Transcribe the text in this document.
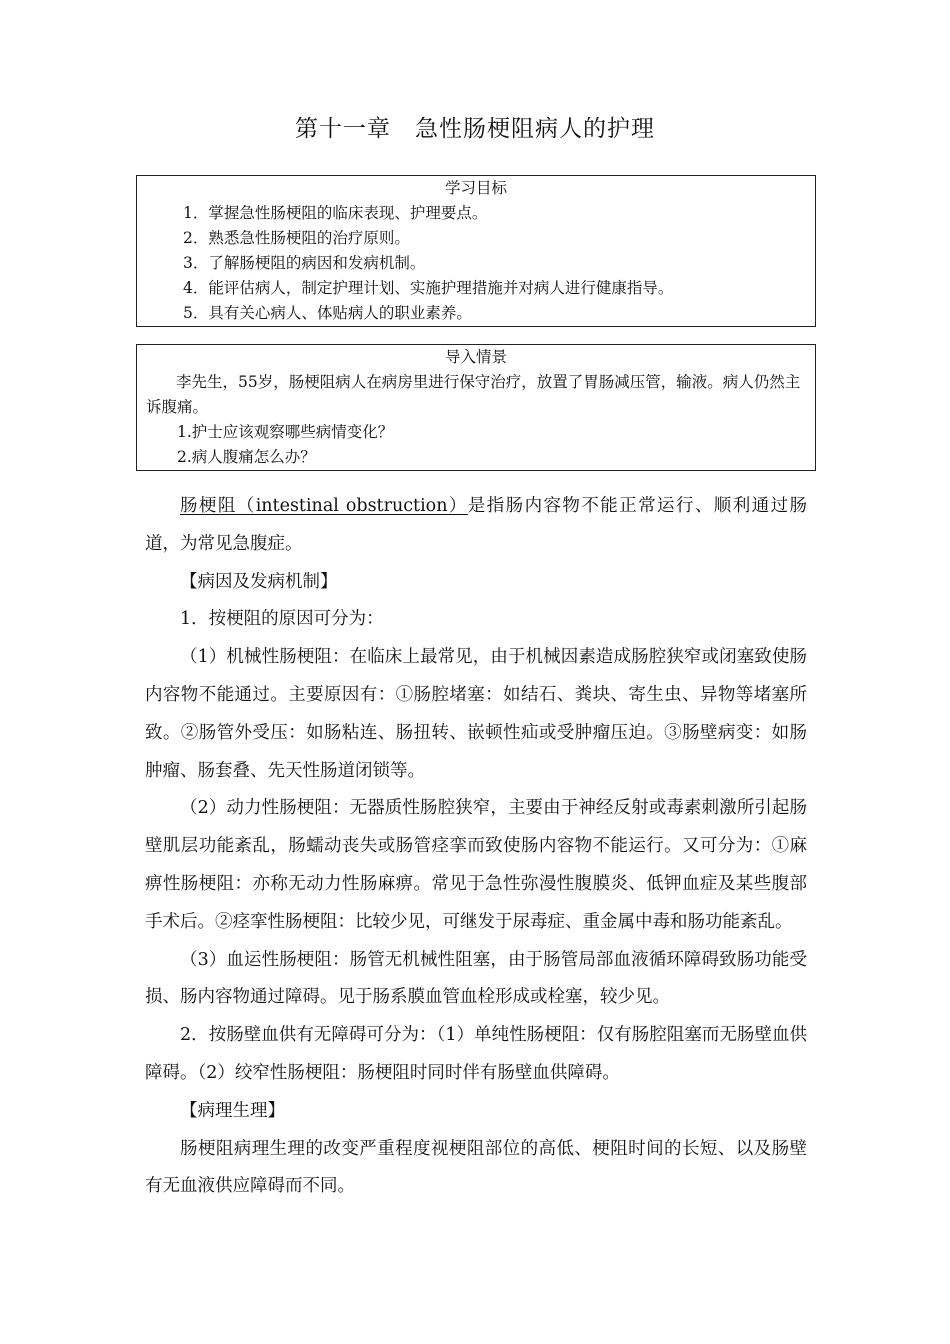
第十一章　急性肠梗阻病人的护理
学习目标
1．掌握急性肠梗阻的临床表现、护理要点。
2．熟悉急性肠梗阻的治疗原则。
3．了解肠梗阻的病因和发病机制。
4．能评估病人，制定护理计划、实施护理措施并对病人进行健康指导。
5．具有关心病人、体贴病人的职业素养。
导入情景
李先生，55岁，肠梗阻病人在病房里进行保守治疗，放置了胃肠减压管，输液。病人仍然主诉腹痛。
1.护士应该观察哪些病情变化？
2.病人腹痛怎么办？

肠梗阻（intestinal obstruction）是指肠内容物不能正常运行、顺利通过肠道，为常见急腹症。

【病因及发病机制】

1．按梗阻的原因可分为：

（1）机械性肠梗阻：在临床上最常见，由于机械因素造成肠腔狭窄或闭塞致使肠内容物不能通过。主要原因有：①肠腔堵塞：如结石、粪块、寄生虫、异物等堵塞所致。②肠管外受压：如肠粘连、肠扭转、嵌顿性疝或受肿瘤压迫。③肠壁病变：如肠肿瘤、肠套叠、先天性肠道闭锁等。

（2）动力性肠梗阻：无器质性肠腔狭窄，主要由于神经反射或毒素刺激所引起肠壁肌层功能紊乱，肠蠕动丧失或肠管痉挛而致使肠内容物不能运行。又可分为：①麻痹性肠梗阻：亦称无动力性肠麻痹。常见于急性弥漫性腹膜炎、低钾血症及某些腹部手术后。②痉挛性肠梗阻：比较少见，可继发于尿毒症、重金属中毒和肠功能紊乱。

（3）血运性肠梗阻：肠管无机械性阻塞，由于肠管局部血液循环障碍致肠功能受损、肠内容物通过障碍。见于肠系膜血管血栓形成或栓塞，较少见。

2．按肠壁血供有无障碍可分为：（1）单纯性肠梗阻：仅有肠腔阻塞而无肠壁血供障碍。（2）绞窄性肠梗阻：肠梗阻时同时伴有肠壁血供障碍。

【病理生理】

肠梗阻病理生理的改变严重程度视梗阻部位的高低、梗阻时间的长短、以及肠壁有无血液供应障碍而不同。
